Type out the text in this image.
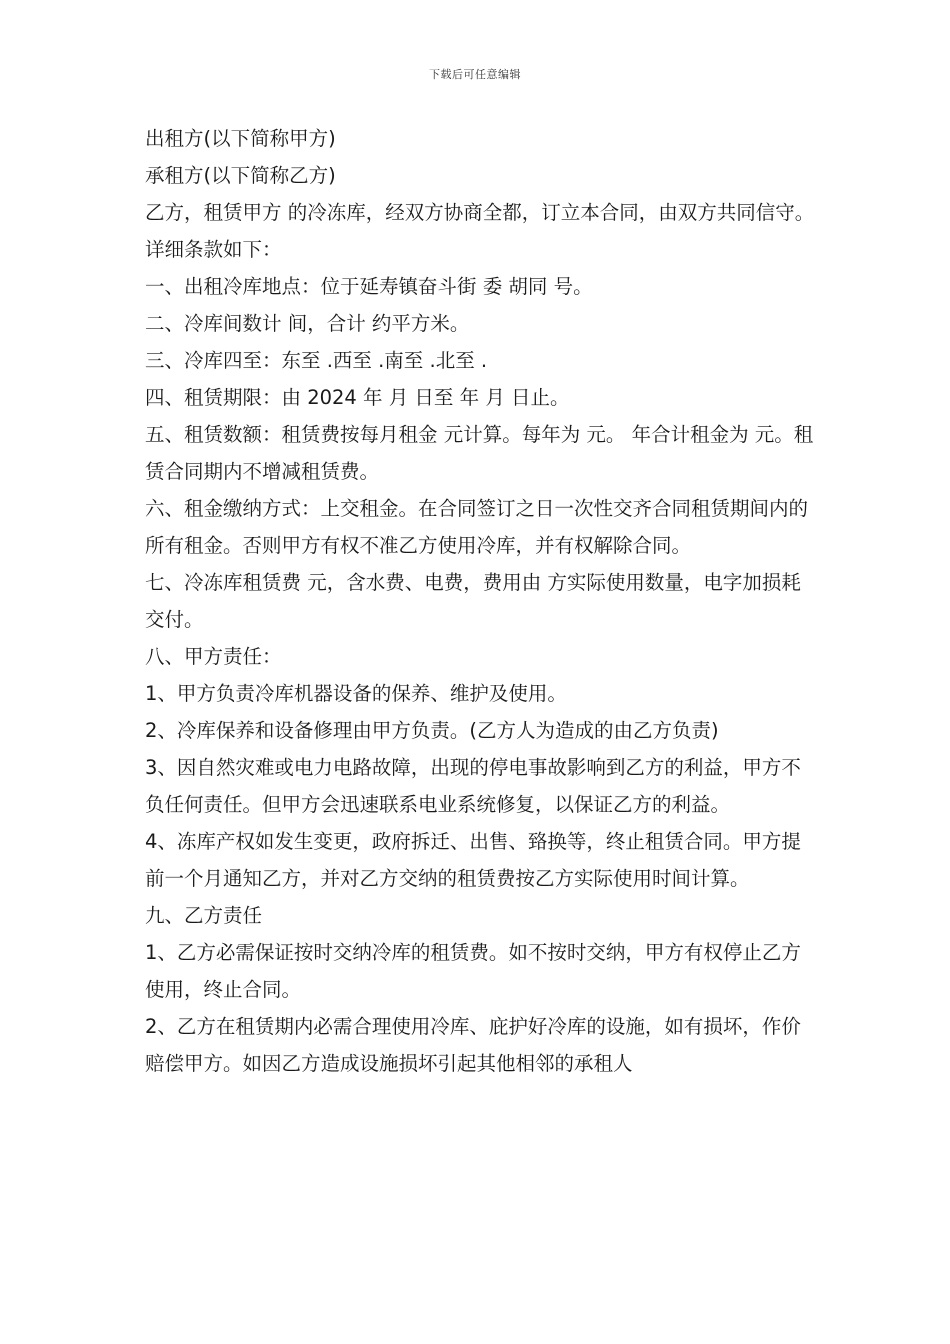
下载后可任意编辑

出租方(以下简称甲方)

承租方(以下简称乙方)

乙方，租赁甲方 的冷冻库，经双方协商全都，订立本合同，由双方共同信守。详细条款如下：

一、出租冷库地点：位于延寿镇奋斗街 委 胡同 号。

二、冷库间数计 间，合计 约平方米。

三、冷库四至：东至 .西至 .南至 .北至 .

四、租赁期限：由 2024 年 月 日至 年 月 日止。

五、租赁数额：租赁费按每月租金 元计算。每年为 元。 年合计租金为 元。租赁合同期内不增减租赁费。

六、租金缴纳方式：上交租金。在合同签订之日一次性交齐合同租赁期间内的所有租金。否则甲方有权不准乙方使用冷库，并有权解除合同。

七、冷冻库租赁费 元，含水费、电费，费用由 方实际使用数量，电字加损耗交付。

八、甲方责任：

1、甲方负责冷库机器设备的保养、维护及使用。

2、冷库保养和设备修理由甲方负责。(乙方人为造成的由乙方负责)

3、因自然灾难或电力电路故障，出现的停电事故影响到乙方的利益，甲方不负任何责任。但甲方会迅速联系电业系统修复，以保证乙方的利益。

4、冻库产权如发生变更，政府拆迁、出售、臵换等，终止租赁合同。甲方提前一个月通知乙方，并对乙方交纳的租赁费按乙方实际使用时间计算。

九、乙方责任

1、乙方必需保证按时交纳冷库的租赁费。如不按时交纳，甲方有权停止乙方使用，终止合同。

2、乙方在租赁期内必需合理使用冷库、庇护好冷库的设施，如有损坏，作价赔偿甲方。如因乙方造成设施损坏引起其他相邻的承租人
